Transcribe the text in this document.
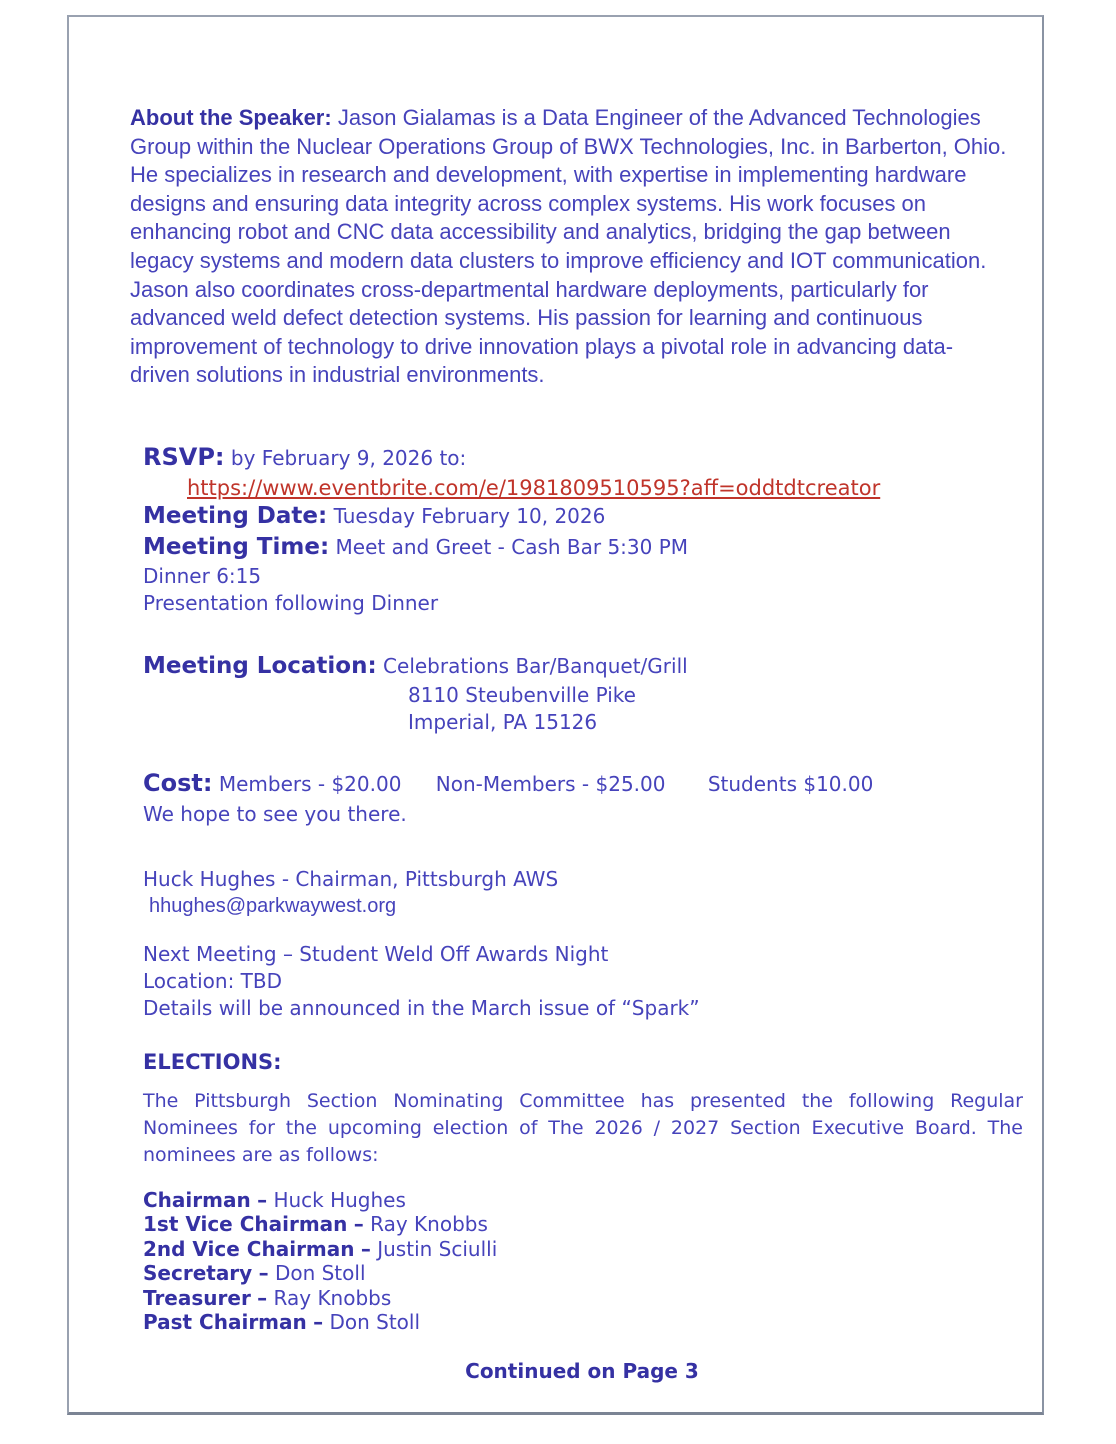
About the Speaker: Jason Gialamas is a Data Engineer of the Advanced Technologies Group within the Nuclear Operations Group of BWX Technologies, Inc. in Barberton, Ohio. He specializes in research and development, with expertise in implementing hardware designs and ensuring data integrity across complex systems. His work focuses on enhancing robot and CNC data accessibility and analytics, bridging the gap between legacy systems and modern data clusters to improve efficiency and IOT communication. Jason also coordinates cross-departmental hardware deployments, particularly for advanced weld defect detection systems. His passion for learning and continuous improvement of technology to drive innovation plays a pivotal role in advancing data-driven solutions in industrial environments.

RSVP: by February 9, 2026 to:
https://www.eventbrite.com/e/1981809510595?aff=oddtdtcreator
Meeting Date: Tuesday February 10, 2026
Meeting Time: Meet and Greet - Cash Bar 5:30 PM
Dinner 6:15
Presentation following Dinner
Meeting Location: Celebrations Bar/Banquet/Grill
8110 Steubenville Pike
Imperial, PA 15126
Cost: Members - $20.00 Non-Members - $25.00 Students $10.00
We hope to see you there.
Huck Hughes - Chairman, Pittsburgh AWS
hhughes@parkwaywest.org
Next Meeting – Student Weld Off Awards Night
Location: TBD
Details will be announced in the March issue of “Spark”
ELECTIONS:

The Pittsburgh Section Nominating Committee has presented the following Regular Nominees for the upcoming election of The 2026 / 2027 Section Executive Board. The nominees are as follows:

Chairman – Huck Hughes
1st Vice Chairman – Ray Knobbs
2nd Vice Chairman – Justin Sciulli
Secretary – Don Stoll
Treasurer – Ray Knobbs
Past Chairman – Don Stoll
Continued on Page 3
